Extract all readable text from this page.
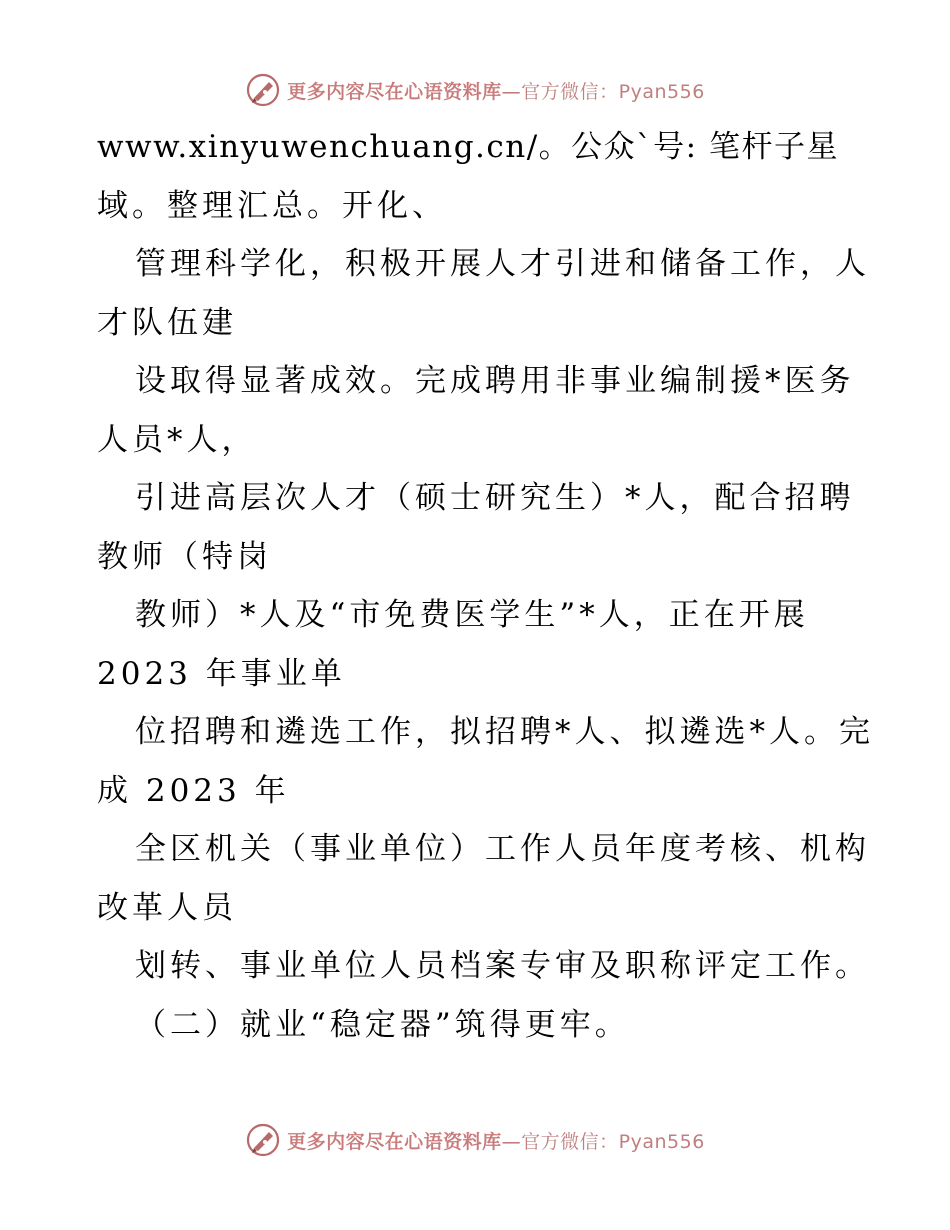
更多内容尽在心语资料库—官方微信：Pyan556
www.xinyuwenchuang.cn/。公众`号: 笔杆子星
域。整理汇总。开化、
管理科学化，积极开展人才引进和储备工作，人
才队伍建
设取得显著成效。完成聘用非事业编制援*医务
人员*人，
引进高层次人才（硕士研究生）*人，配合招聘
教师（特岗
教师）*人及“市免费医学生”*人，正在开展
2023 年事业单
位招聘和遴选工作，拟招聘*人、拟遴选*人。完
成 2023 年
全区机关（事业单位）工作人员年度考核、机构
改革人员
划转、事业单位人员档案专审及职称评定工作。
（二）就业“稳定器”筑得更牢。
更多内容尽在心语资料库—官方微信：Pyan556
